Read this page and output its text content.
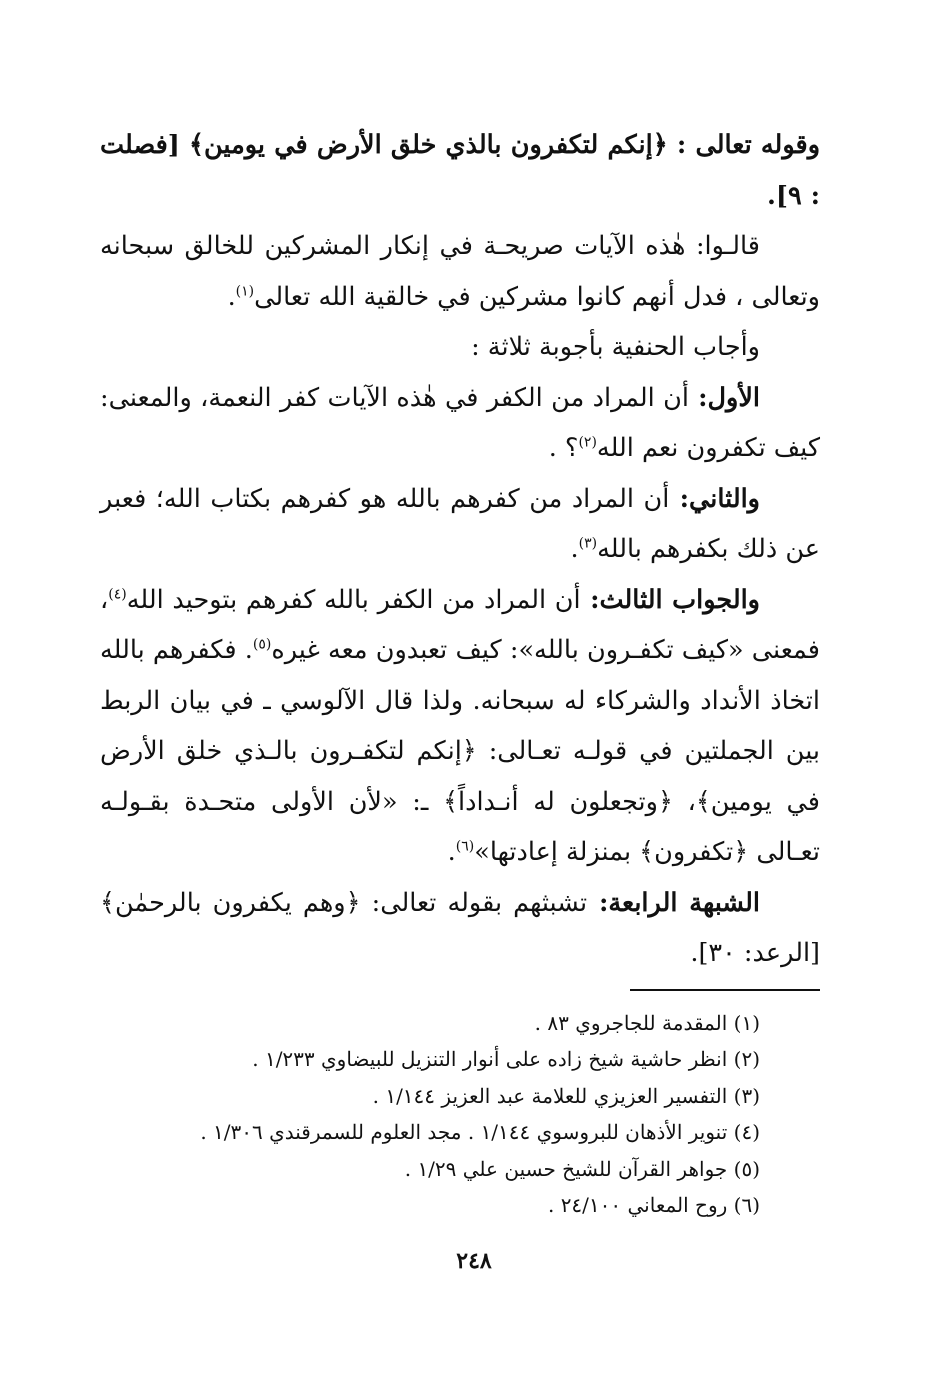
وقوله تعالى : ﴿إنكم لتكفرون بالذي خلق الأرض في يومين﴾ [فصلت : ٩].

قالـوا: هٰذه الآيات صريحـة في إنكار المشركين للخالق سبحانه وتعالى ، فدل أنهم كانوا مشركين في خالقية الله تعالى$^{(١)}$.

وأجاب الحنفية بأجوبة ثلاثة :

الأول: أن المراد من الكفر في هٰذه الآيات كفر النعمة، والمعنى: كيف تكفرون نعم الله$^{(٢)}$؟ .

والثاني: أن المراد من كفرهم بالله هو كفرهم بكتاب الله؛ فعبر عن ذلك بكفرهم بالله$^{(٣)}$.

والجواب الثالث: أن المراد من الكفر بالله كفرهم بتوحيد الله$^{(٤)}$، فمعنى «كيف تكفـرون بالله»: كيف تعبدون معه غيره$^{(٥)}$. فكفرهم بالله اتخاذ الأنداد والشركاء له سبحانه. ولذا قال الآلوسي ـ في بيان الربط بين الجملتين في قولـه تعـالى: ﴿إنكم لتكفـرون بالـذي خلق الأرض في يومين﴾، ﴿وتجعلون له أنـداداً﴾ ـ: «لأن الأولى متحـدة بقـولـه تعـالى ﴿تكفرون﴾ بمنزلة إعادتها»$^{(٦)}$.

الشبهة الرابعة: تشبثهم بقوله تعالى: ﴿وهم يكفرون بالرحمٰن﴾ [الرعد: ٣٠].

(١) المقدمة للجاجروي ٨٣ .

(٢) انظر حاشية شيخ زاده على أنوار التنزيل للبيضاوي ١/٢٣٣ .

(٣) التفسير العزيزي للعلامة عبد العزيز ١/١٤٤ .

(٤) تنوير الأذهان للبروسوي ١/١٤٤ . مجد العلوم للسمرقندي ١/٣٠٦ .

(٥) جواهر القرآن للشيخ حسين علي ١/٢٩ .

(٦) روح المعاني ٢٤/١٠٠ .

٢٤٨
